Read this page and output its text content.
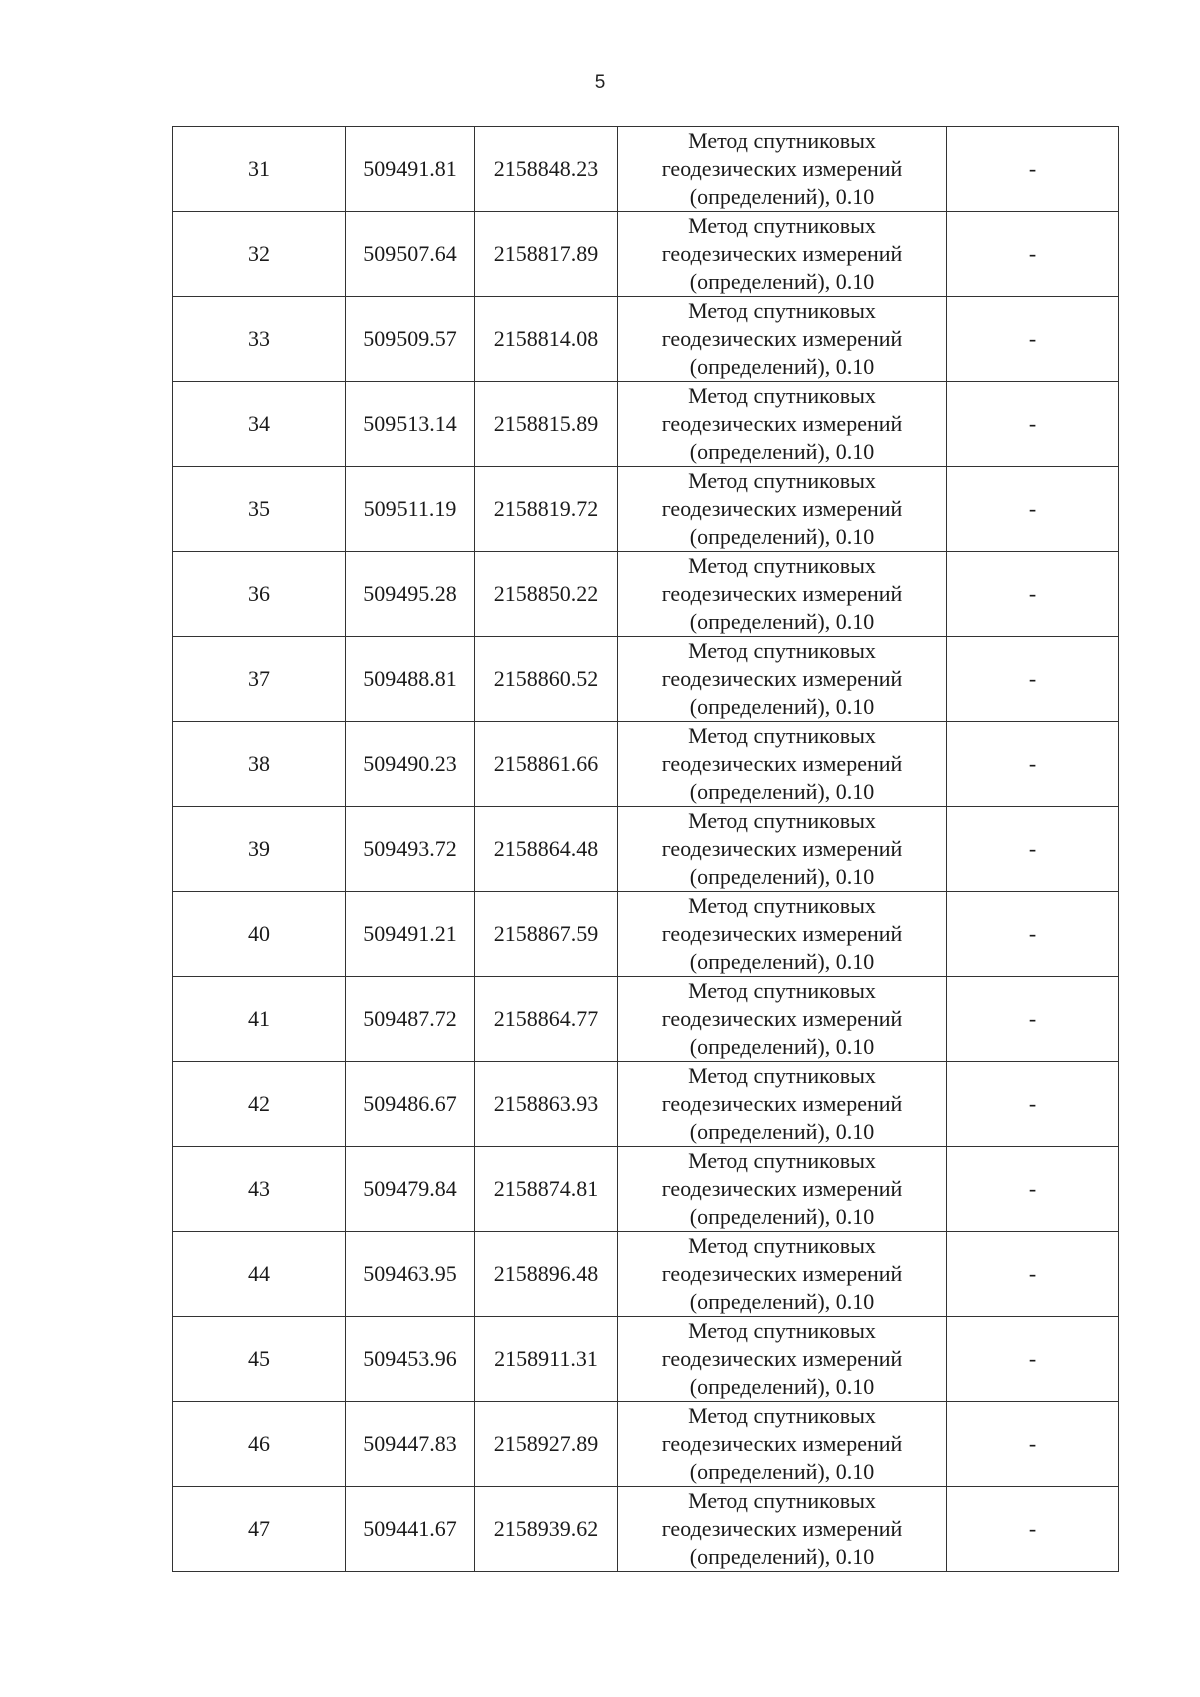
5
31	509491.81	2158848.23	Метод спутниковых
геодезических измерений
(определений), 0.10	-
32	509507.64	2158817.89	Метод спутниковых
геодезических измерений
(определений), 0.10	-
33	509509.57	2158814.08	Метод спутниковых
геодезических измерений
(определений), 0.10	-
34	509513.14	2158815.89	Метод спутниковых
геодезических измерений
(определений), 0.10	-
35	509511.19	2158819.72	Метод спутниковых
геодезических измерений
(определений), 0.10	-
36	509495.28	2158850.22	Метод спутниковых
геодезических измерений
(определений), 0.10	-
37	509488.81	2158860.52	Метод спутниковых
геодезических измерений
(определений), 0.10	-
38	509490.23	2158861.66	Метод спутниковых
геодезических измерений
(определений), 0.10	-
39	509493.72	2158864.48	Метод спутниковых
геодезических измерений
(определений), 0.10	-
40	509491.21	2158867.59	Метод спутниковых
геодезических измерений
(определений), 0.10	-
41	509487.72	2158864.77	Метод спутниковых
геодезических измерений
(определений), 0.10	-
42	509486.67	2158863.93	Метод спутниковых
геодезических измерений
(определений), 0.10	-
43	509479.84	2158874.81	Метод спутниковых
геодезических измерений
(определений), 0.10	-
44	509463.95	2158896.48	Метод спутниковых
геодезических измерений
(определений), 0.10	-
45	509453.96	2158911.31	Метод спутниковых
геодезических измерений
(определений), 0.10	-
46	509447.83	2158927.89	Метод спутниковых
геодезических измерений
(определений), 0.10	-
47	509441.67	2158939.62	Метод спутниковых
геодезических измерений
(определений), 0.10	-
